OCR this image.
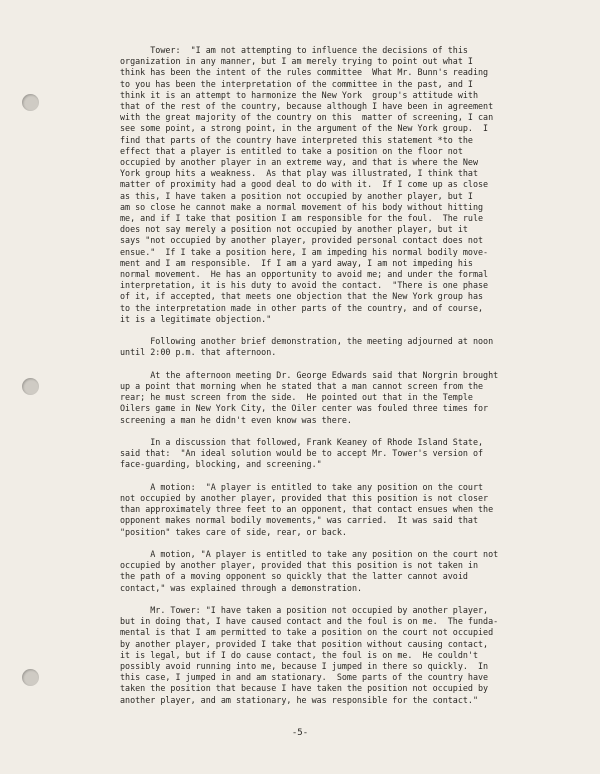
Tower:  "I am not attempting to influence the decisions of this
organization in any manner, but I am merely trying to point out what I
think has been the intent of the rules committee  What Mr. Bunn's reading
to you has been the interpretation of the committee in the past, and I
think it is an attempt to harmonize the New York  group's attitude with
that of the rest of the country, because although I have been in agreement
with the great majority of the country on this  matter of screening, I can
see some point, a strong point, in the argument of the New York group.  I
find that parts of the country have interpreted this statement *to the
effect that a player is entitled to take a position on the floor not
occupied by another player in an extreme way, and that is where the New
York group hits a weakness.  As that play was illustrated, I think that
matter of proximity had a good deal to do with it.  If I come up as close
as this, I have taken a position not occupied by another player, but I
am so close he cannot make a normal movement of his body without hitting
me, and if I take that position I am responsible for the foul.  The rule
does not say merely a position not occupied by another player, but it
says "not occupied by another player, provided personal contact does not
ensue."  If I take a position here, I am impeding his normal bodily move-
ment and I am responsible.  If I am a yard away, I am not impeding his
normal movement.  He has an opportunity to avoid me; and under the formal
interpretation, it is his duty to avoid the contact.  "There is one phase
of it, if accepted, that meets one objection that the New York group has
to the interpretation made in other parts of the country, and of course,
it is a legitimate objection."

Following another brief demonstration, the meeting adjourned at noon
until 2:00 p.m. that afternoon.

At the afternoon meeting Dr. George Edwards said that Norgrin brought
up a point that morning when he stated that a man cannot screen from the
rear; he must screen from the side.  He pointed out that in the Temple
Oilers game in New York City, the Oiler center was fouled three times for
screening a man he didn't even know was there.

In a discussion that followed, Frank Keaney of Rhode Island State,
said that:  "An ideal solution would be to accept Mr. Tower's version of
face-guarding, blocking, and screening."

A motion:  "A player is entitled to take any position on the court
not occupied by another player, provided that this position is not closer
than approximately three feet to an opponent, that contact ensues when the
opponent makes normal bodily movements," was carried.  It was said that
"position" takes care of side, rear, or back.

A motion, "A player is entitled to take any position on the court not
occupied by another player, provided that this position is not taken in
the path of a moving opponent so quickly that the latter cannot avoid
contact," was explained through a demonstration.

Mr. Tower: "I have taken a position not occupied by another player,
but in doing that, I have caused contact and the foul is on me.  The funda-
mental is that I am permitted to take a position on the court not occupied
by another player, provided I take that position without causing contact,
it is legal, but if I do cause contact, the foul is on me.  He couldn't
possibly avoid running into me, because I jumped in there so quickly.  In
this case, I jumped in and am stationary.  Some parts of the country have
taken the position that because I have taken the position not occupied by
another player, and am stationary, he was responsible for the contact."

-5-
